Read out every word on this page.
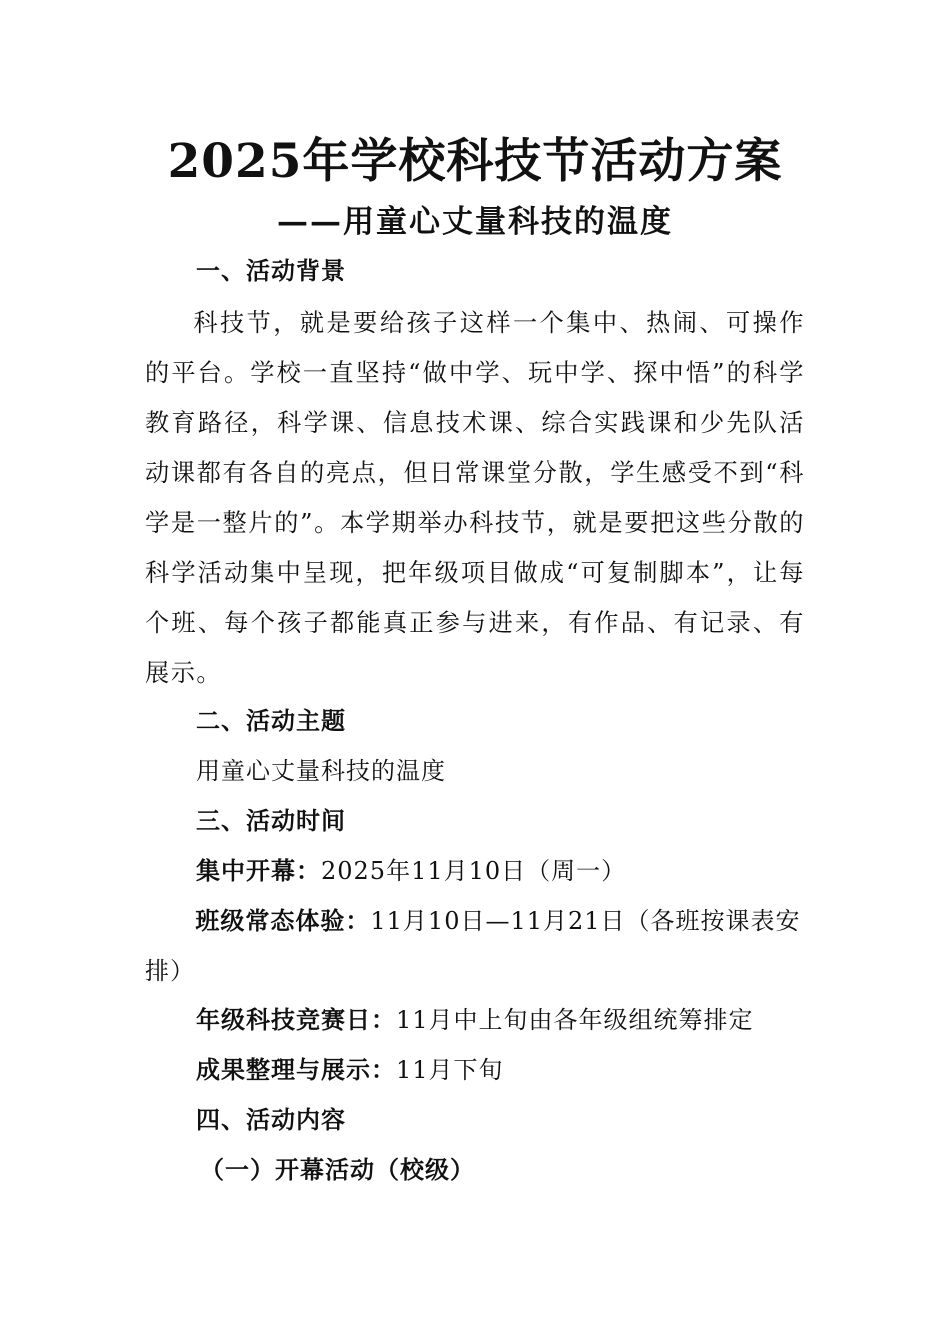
2025年学校科技节活动方案
——用童心丈量科技的温度
一、活动背景
科技节，就是要给孩子这样一个集中、热闹、可操作的平台。学校一直坚持“做中学、玩中学、探中悟”的科学教育路径，科学课、信息技术课、综合实践课和少先队活动课都有各自的亮点，但日常课堂分散，学生感受不到“科学是一整片的”。本学期举办科技节，就是要把这些分散的科学活动集中呈现，把年级项目做成“可复制脚本”，让每个班、每个孩子都能真正参与进来，有作品、有记录、有展示。
二、活动主题
用童心丈量科技的温度
三、活动时间
集中开幕：2025年11月10日（周一）
班级常态体验：11月10日—11月21日（各班按课表安排）
年级科技竞赛日：11月中上旬由各年级组统筹排定
成果整理与展示：11月下旬
四、活动内容
（一）开幕活动（校级）
